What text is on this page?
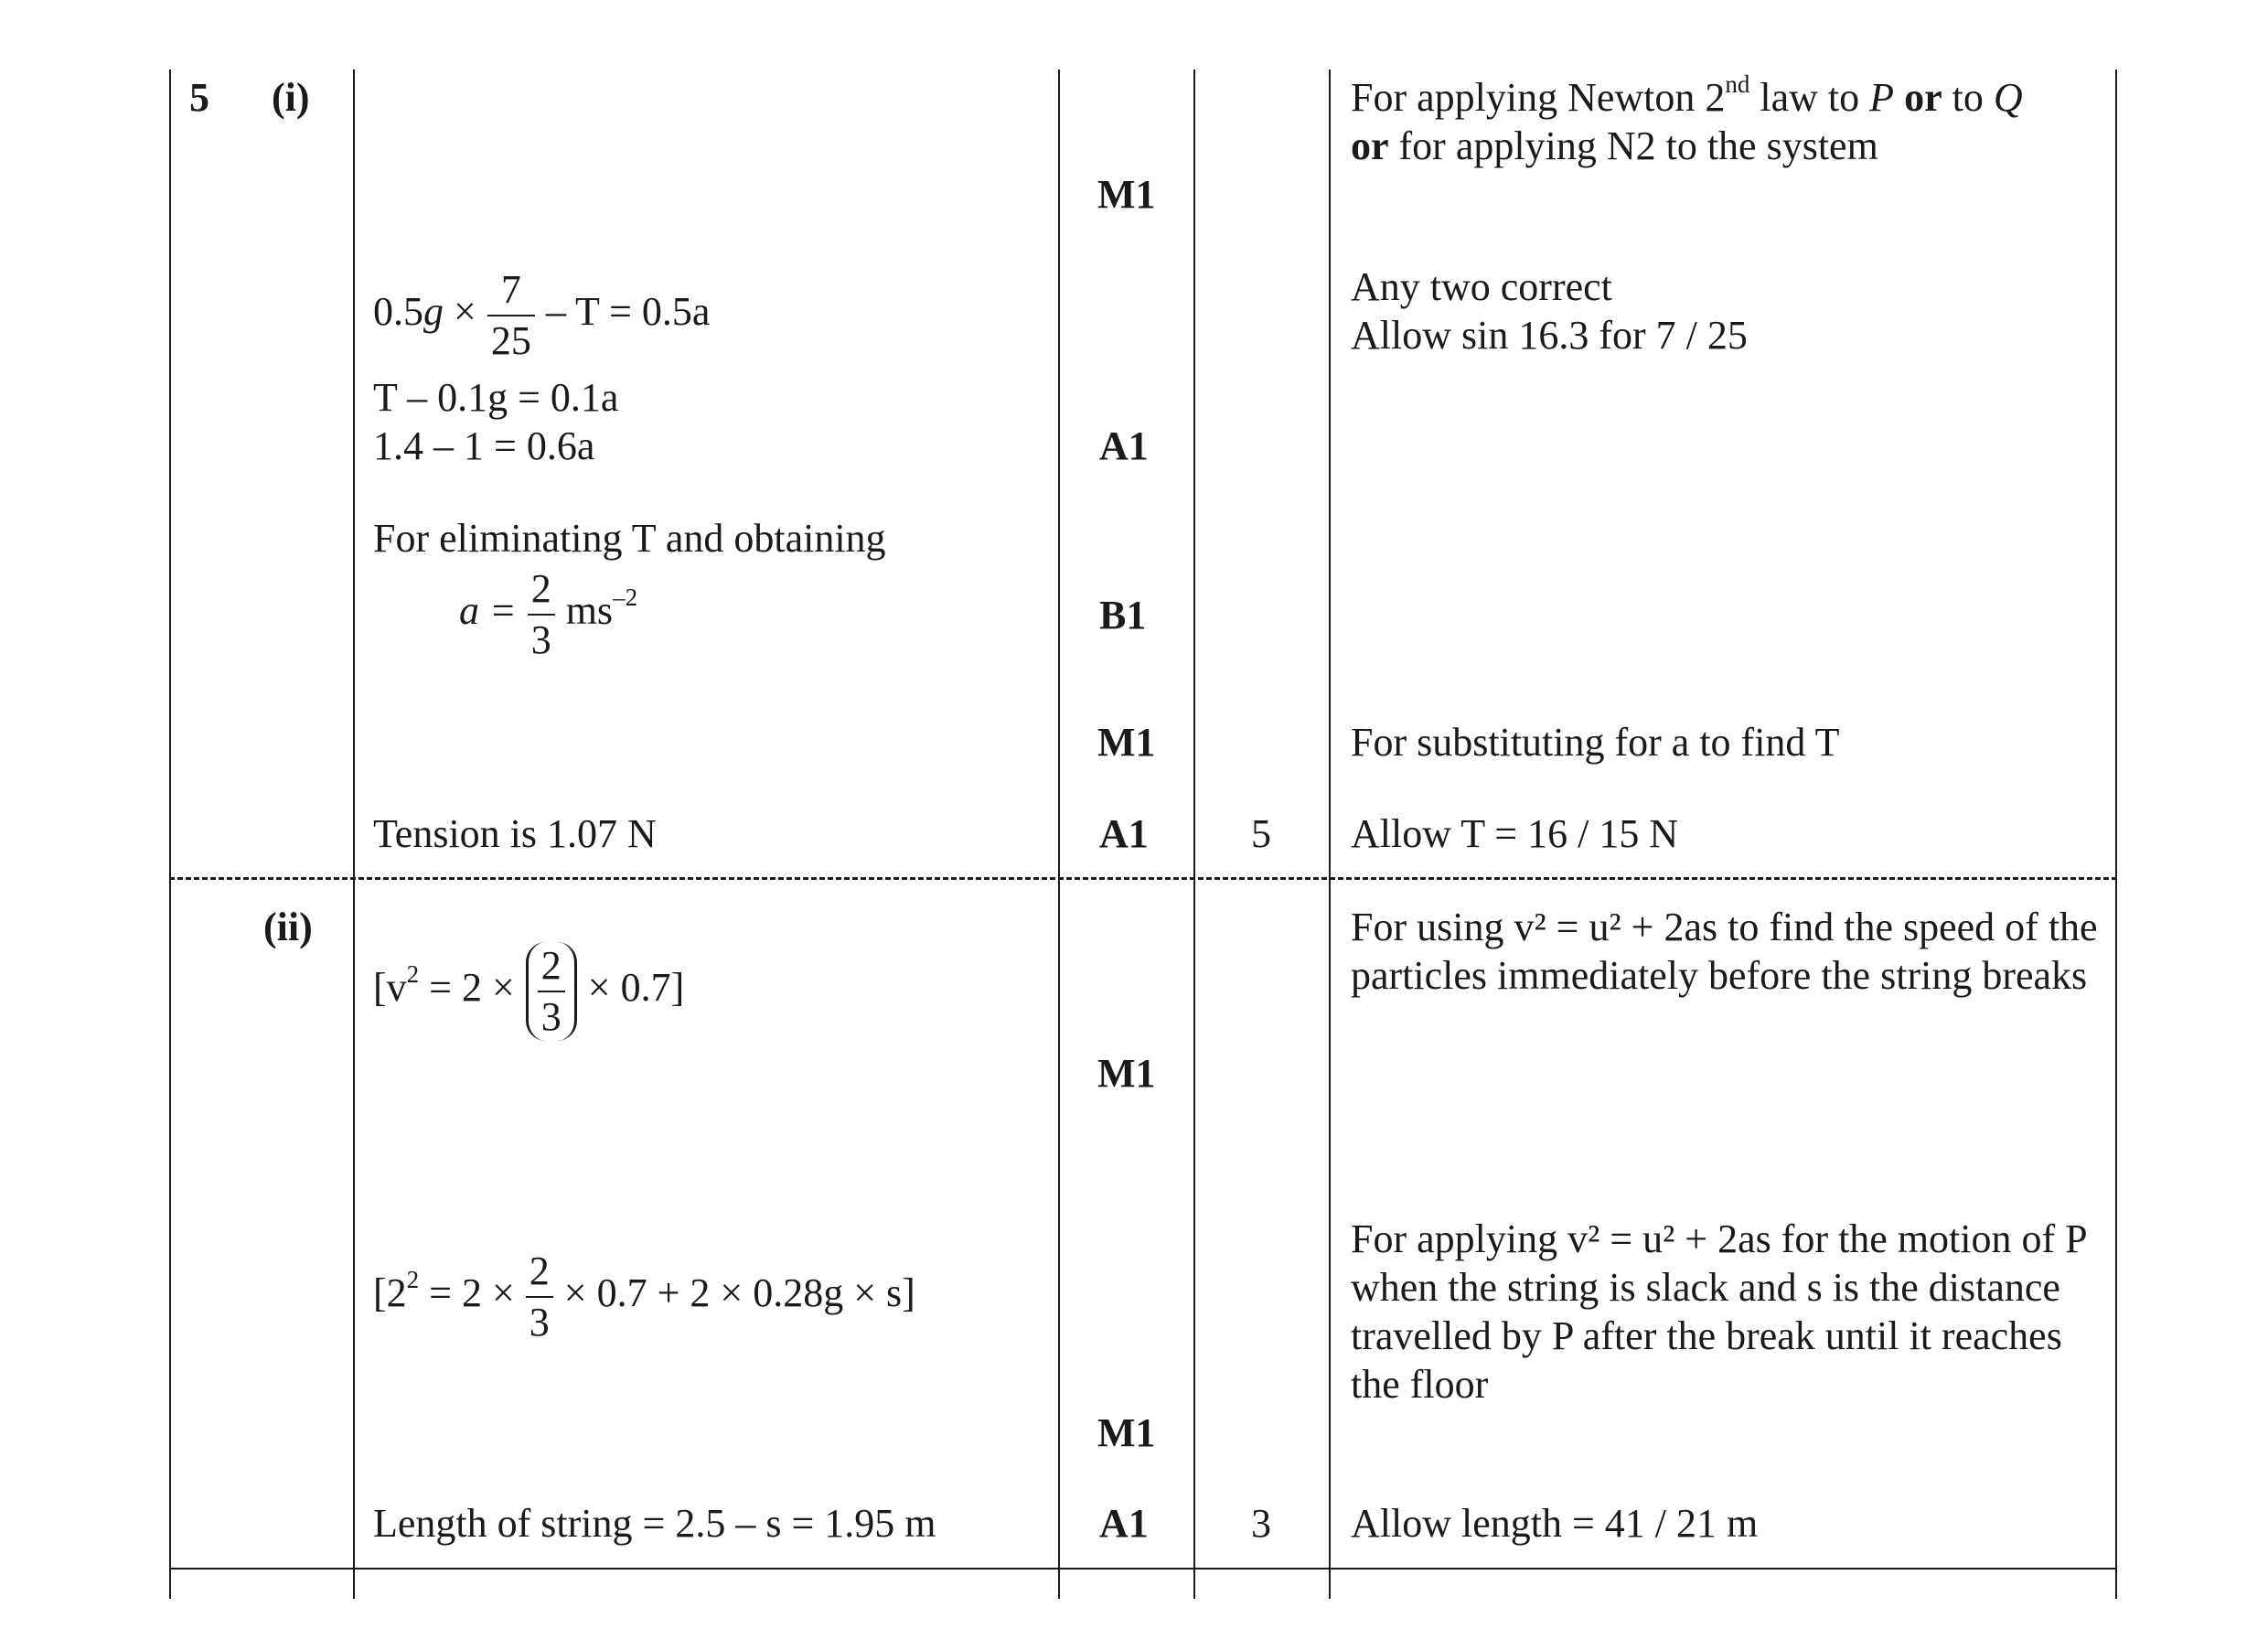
5 (i)
(ii)
$0.5g \times \frac{7}{25} - T = 0.5a$
T – 0.1g = 0.1a
1.4 – 1 = 0.6a
For eliminating T and obtaining
$a = \frac{2}{3} ms^{-2}$
Tension is 1.07 N
M1
A1
B1
M1
A1	5
For applying Newton 2nd law to P or to Q
or for applying N2 to the system
Any two correct
Allow sin 16.3 for 7 / 25
For substituting for a to find T
Allow T = 16 / 15 N
$[v^2 = 2 \times \frac{2}{3} \times 0.7]$
$[2^2 = 2 \times \frac{2}{3} \times 0.7 + 2 \times 0.28g \times s]$
Length of string = 2.5 – s = 1.95 m
M1
M1
A1	3
For using v² = u² + 2as to find the speed of the particles immediately before the string breaks
For applying v² = u² + 2as for the motion of P when the string is slack and s is the distance travelled by P after the break until it reaches the floor
Allow length = 41 / 21 m
